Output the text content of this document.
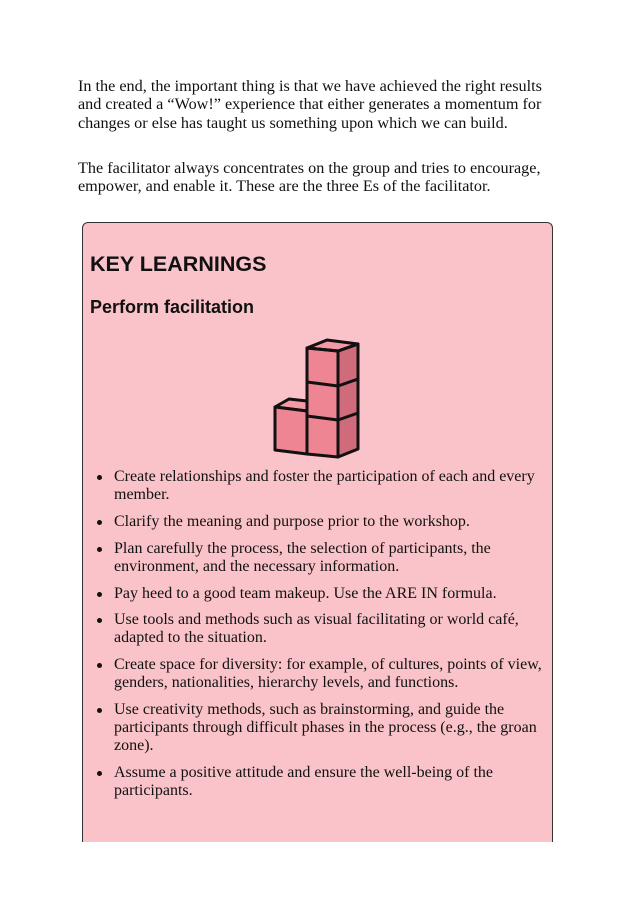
In the end, the important thing is that we have achieved the right results and created a “Wow!” experience that either generates a momentum for changes or else has taught us something upon which we can build.

The facilitator always concentrates on the group and tries to encourage, empower, and enable it. These are the three Es of the facilitator.

KEY LEARNINGS
Perform facilitation
Create relationships and foster the participation of each and every member.
Clarify the meaning and purpose prior to the workshop.
Plan carefully the process, the selection of participants, the environment, and the necessary information.
Pay heed to a good team makeup. Use the ARE IN formula.
Use tools and methods such as visual facilitating or world café, adapted to the situation.
Create space for diversity: for example, of cultures, points of view, genders, nationalities, hierarchy levels, and functions.
Use creativity methods, such as brainstorming, and guide the participants through difficult phases in the process (e.g., the groan zone).
Assume a positive attitude and ensure the well-being of the participants.
